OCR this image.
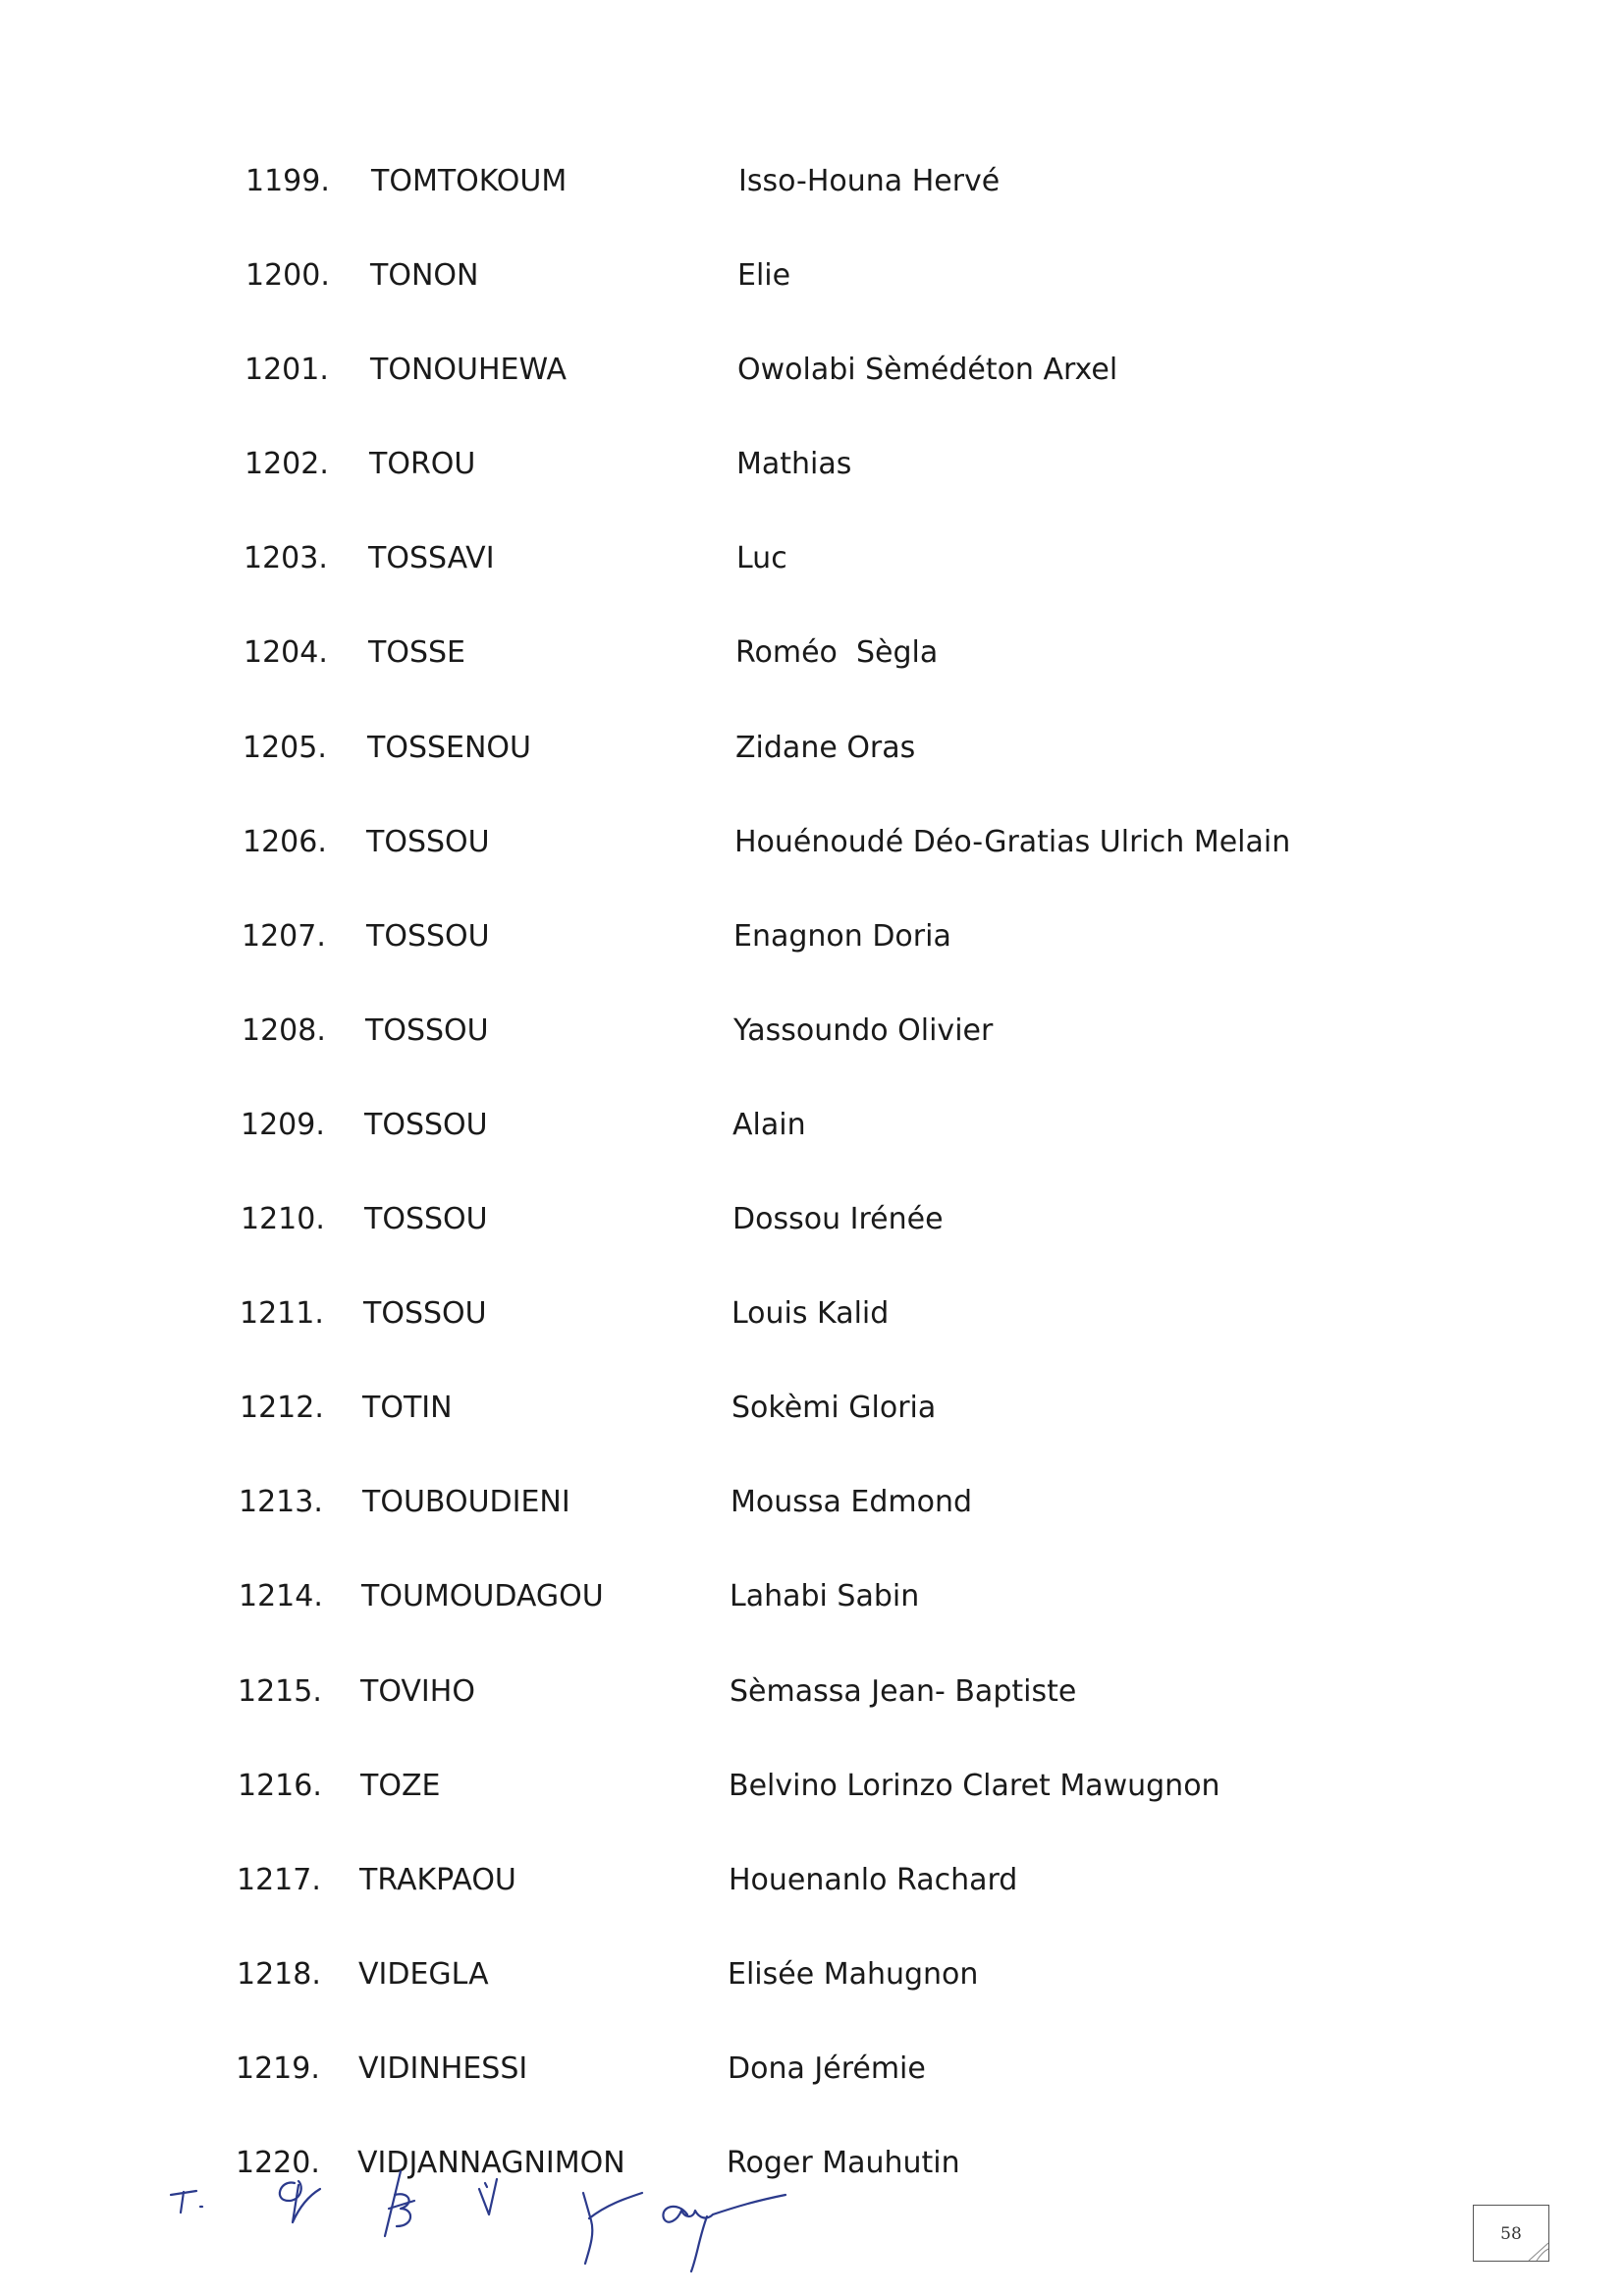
1199. TOMTOKOUM	Isso-Houna Hervé
1200. TONON	Elie
1201. TONOUHEWA	Owolabi Sèmédéton Arxel
1202. TOROU	Mathias
1203. TOSSAVI	Luc
1204. TOSSE	Roméo  Sègla
1205. TOSSENOU	Zidane Oras
1206. TOSSOU	Houénoudé Déo-Gratias Ulrich Melain
1207. TOSSOU	Enagnon Doria
1208. TOSSOU	Yassoundo Olivier
1209. TOSSOU	Alain
1210. TOSSOU	Dossou Irénée
1211. TOSSOU	Louis Kalid
1212. TOTIN	Sokèmi Gloria
1213. TOUBOUDIENI	Moussa Edmond
1214. TOUMOUDAGOU	Lahabi Sabin
1215. TOVIHO	Sèmassa Jean- Baptiste
1216. TOZE	Belvino Lorinzo Claret Mawugnon
1217. TRAKPAOU	Houenanlo Rachard
1218. VIDEGLA	Elisée Mahugnon
1219. VIDINHESSI	Dona Jérémie
1220. VIDJANNAGNIMON	Roger Mauhutin
58
